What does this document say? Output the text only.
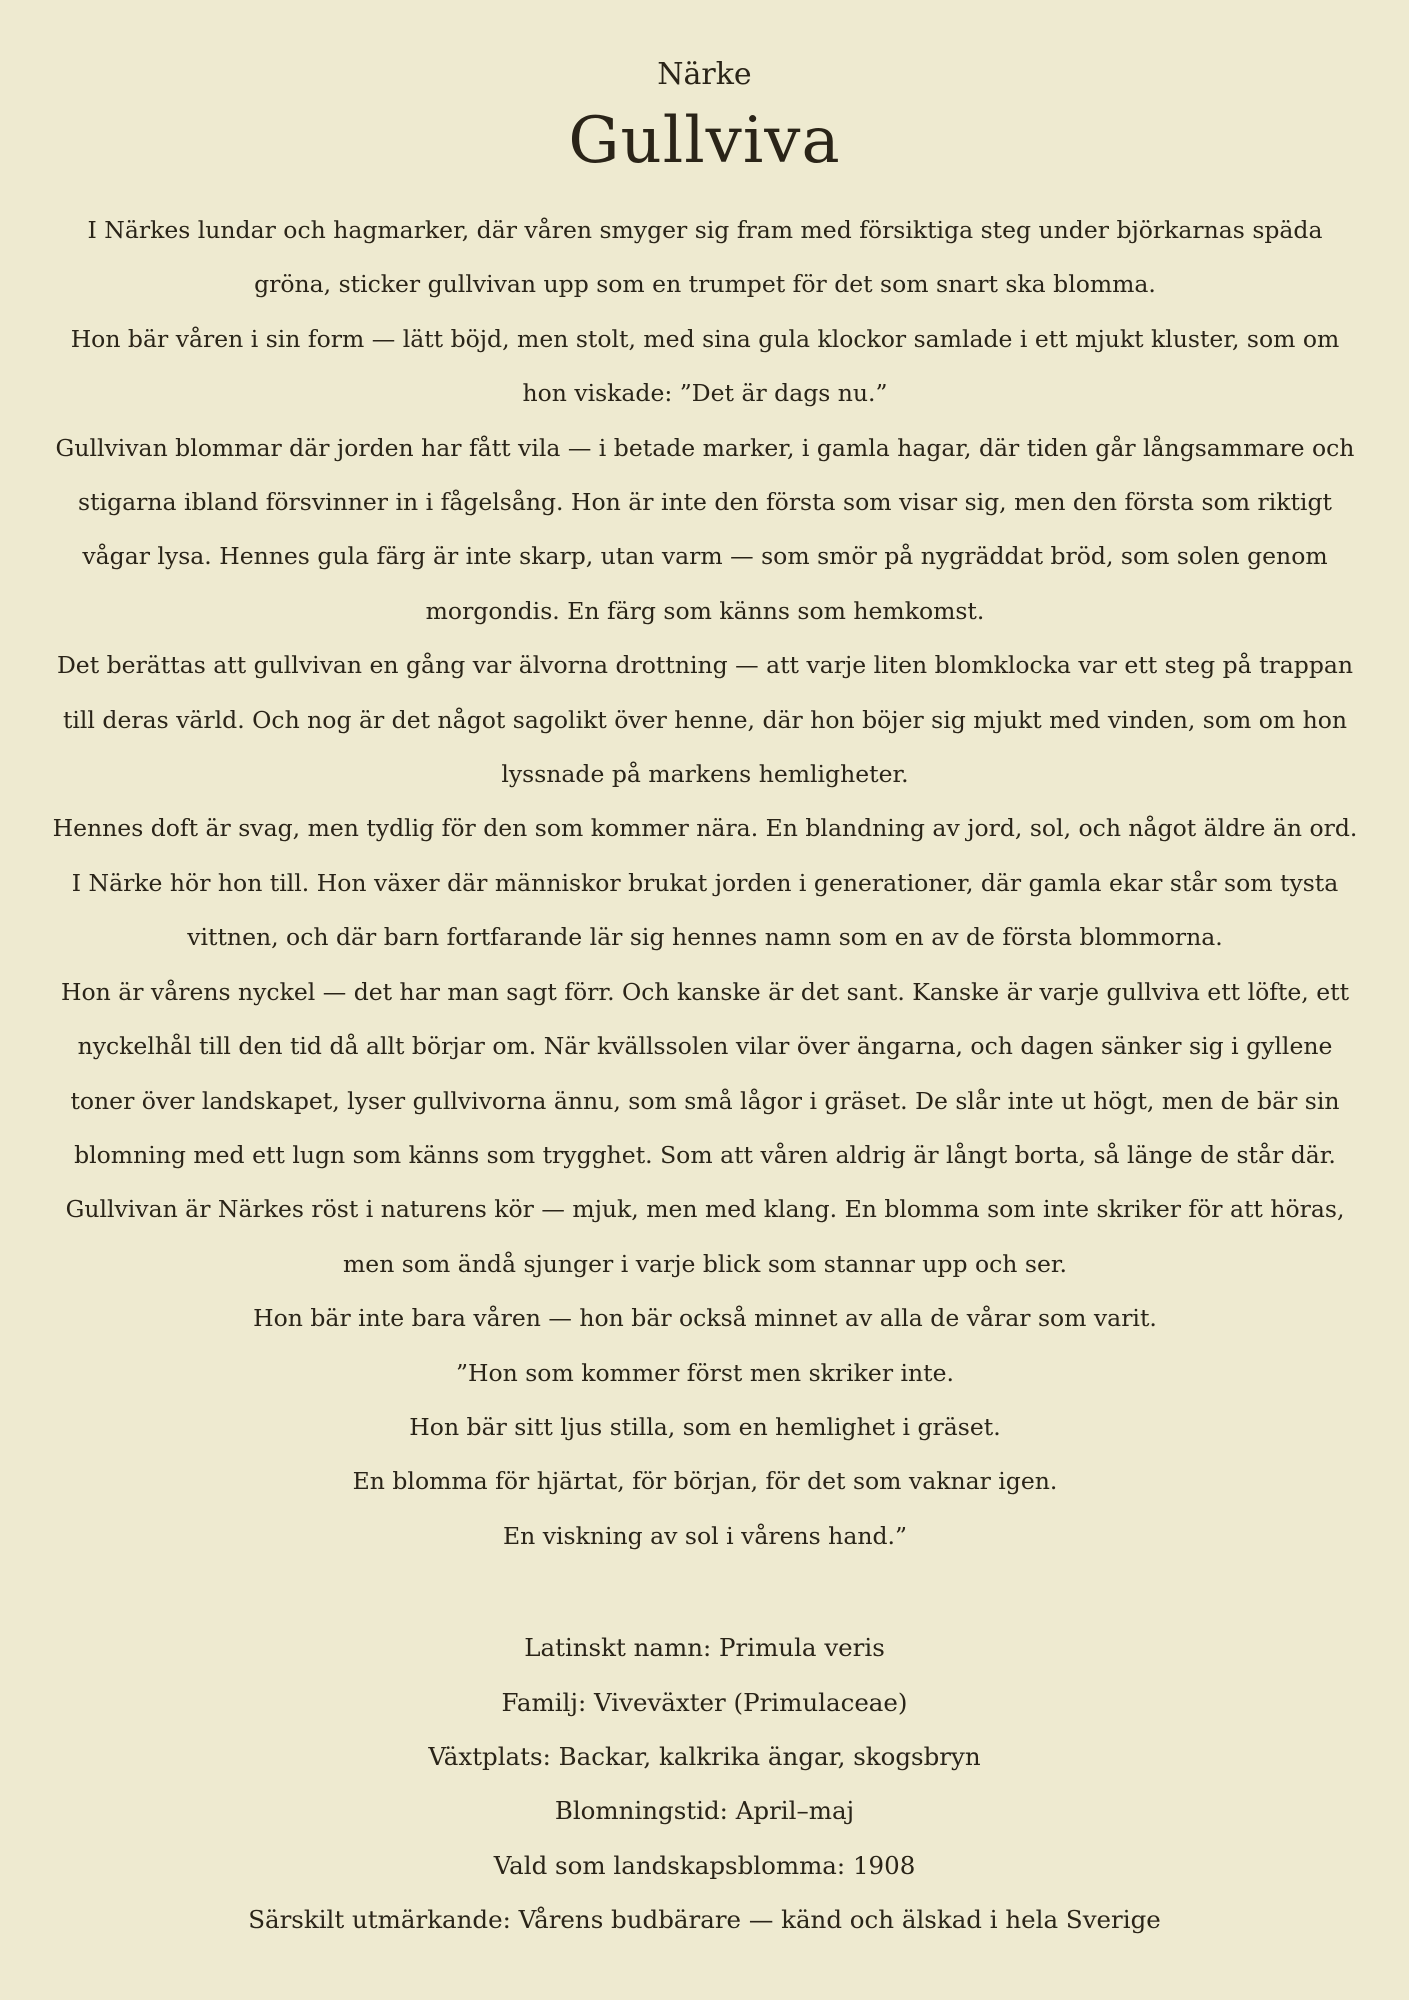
Närke
Gullviva

I Närkes lundar och hagmarker, där våren smyger sig fram med försiktiga steg under björkarnas späda gröna, sticker gullvivan upp som en trumpet för det som snart ska blomma.

Hon bär våren i sin form — lätt böjd, men stolt, med sina gula klockor samlade i ett mjukt kluster, som om hon viskade: ”Det är dags nu.”

Gullvivan blommar där jorden har fått vila — i betade marker, i gamla hagar, där tiden går långsammare och stigarna ibland försvinner in i fågelsång. Hon är inte den första som visar sig, men den första som riktigt vågar lysa. Hennes gula färg är inte skarp, utan varm — som smör på nygräddat bröd, som solen genom morgondis. En färg som känns som hemkomst.

Det berättas att gullvivan en gång var älvorna drottning — att varje liten blomklocka var ett steg på trappan till deras värld. Och nog är det något sagolikt över henne, där hon böjer sig mjukt med vinden, som om hon lyssnade på markens hemligheter.

Hennes doft är svag, men tydlig för den som kommer nära. En blandning av jord, sol, och något äldre än ord.

I Närke hör hon till. Hon växer där människor brukat jorden i generationer, där gamla ekar står som tysta vittnen, och där barn fortfarande lär sig hennes namn som en av de första blommorna.

Hon är vårens nyckel — det har man sagt förr. Och kanske är det sant. Kanske är varje gullviva ett löfte, ett nyckelhål till den tid då allt börjar om. När kvällssolen vilar över ängarna, och dagen sänker sig i gyllene toner över landskapet, lyser gullvivorna ännu, som små lågor i gräset. De slår inte ut högt, men de bär sin blomning med ett lugn som känns som trygghet. Som att våren aldrig är långt borta, så länge de står där.

Gullvivan är Närkes röst i naturens kör — mjuk, men med klang. En blomma som inte skriker för att höras,

men som ändå sjunger i varje blick som stannar upp och ser.

Hon bär inte bara våren — hon bär också minnet av alla de vårar som varit.

”Hon som kommer först men skriker inte.

Hon bär sitt ljus stilla, som en hemlighet i gräset.

En blomma för hjärtat, för början, för det som vaknar igen.

En viskning av sol i vårens hand.”

Latinskt namn: Primula veris

Familj: Viveväxter (Primulaceae)

Växtplats: Backar, kalkrika ängar, skogsbryn

Blomningstid: April–maj

Vald som landskapsblomma: 1908

Särskilt utmärkande: Vårens budbärare — känd och älskad i hela Sverige
